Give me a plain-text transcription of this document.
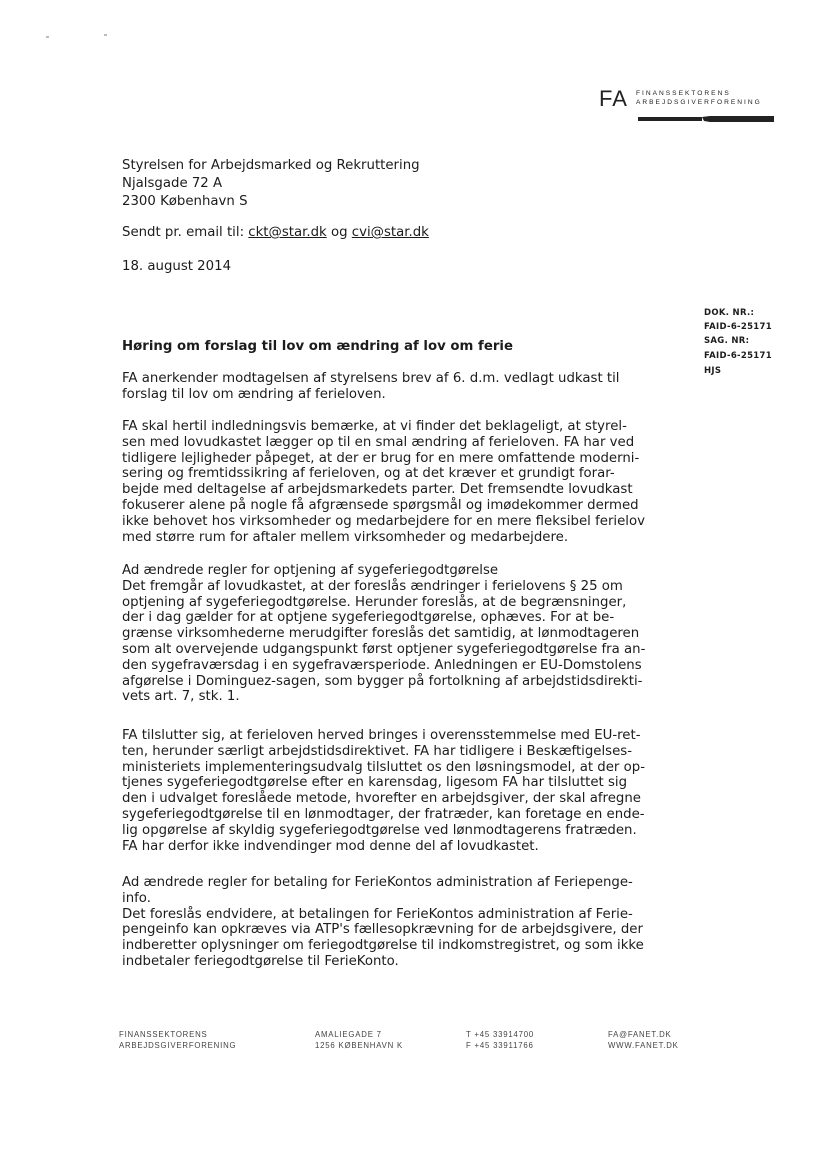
FA FINANSSEKTORENS
ARBEJDSGIVERFORENING
Styrelsen for Arbejdsmarked og Rekruttering
Njalsgade 72 A
2300 København S
Sendt pr. email til: ckt@star.dk og cvi@star.dk
18. august 2014
DOK. NR.:
FAID-6-25171
SAG. NR:
FAID-6-25171
HJS
Høring om forslag til lov om ændring af lov om ferie
FA anerkender modtagelsen af styrelsens brev af 6. d.m. vedlagt udkast til
forslag til lov om ændring af ferieloven.
FA skal hertil indledningsvis bemærke, at vi finder det beklageligt, at styrel-
sen med lovudkastet lægger op til en smal ændring af ferieloven. FA har ved
tidligere lejligheder påpeget, at der er brug for en mere omfattende moderni-
sering og fremtidssikring af ferieloven, og at det kræver et grundigt forar-
bejde med deltagelse af arbejdsmarkedets parter. Det fremsendte lovudkast
fokuserer alene på nogle få afgrænsede spørgsmål og imødekommer dermed
ikke behovet hos virksomheder og medarbejdere for en mere fleksibel ferielov
med større rum for aftaler mellem virksomheder og medarbejdere.
Ad ændrede regler for optjening af sygeferiegodtgørelse
Det fremgår af lovudkastet, at der foreslås ændringer i ferielovens § 25 om
optjening af sygeferiegodtgørelse. Herunder foreslås, at de begrænsninger,
der i dag gælder for at optjene sygeferiegodtgørelse, ophæves. For at be-
grænse virksomhederne merudgifter foreslås det samtidig, at lønmodtageren
som alt overvejende udgangspunkt først optjener sygeferiegodtgørelse fra an-
den sygefraværsdag i en sygefraværsperiode. Anledningen er EU-Domstolens
afgørelse i Dominguez-sagen, som bygger på fortolkning af arbejdstidsdirekti-
vets art. 7, stk. 1.
FA tilslutter sig, at ferieloven herved bringes i overensstemmelse med EU-ret-
ten, herunder særligt arbejdstidsdirektivet. FA har tidligere i Beskæftigelses-
ministeriets implementeringsudvalg tilsluttet os den løsningsmodel, at der op-
tjenes sygeferiegodtgørelse efter en karensdag, ligesom FA har tilsluttet sig
den i udvalget foreslåede metode, hvorefter en arbejdsgiver, der skal afregne
sygeferiegodtgørelse til en lønmodtager, der fratræder, kan foretage en ende-
lig opgørelse af skyldig sygeferiegodtgørelse ved lønmodtagerens fratræden.
FA har derfor ikke indvendinger mod denne del af lovudkastet.
Ad ændrede regler for betaling for FerieKontos administration af Feriepenge-
info.
Det foreslås endvidere, at betalingen for FerieKontos administration af Ferie-
pengeinfo kan opkræves via ATP's fællesopkrævning for de arbejdsgivere, der
indberetter oplysninger om feriegodtgørelse til indkomstregistret, og som ikke
indbetaler feriegodtgørelse til FerieKonto.
FINANSSEKTORENS
ARBEJDSGIVERFORENING
AMALIEGADE 7
1256 KØBENHAVN K
T +45 33914700
F +45 33911766
FA@FANET.DK
WWW.FANET.DK
